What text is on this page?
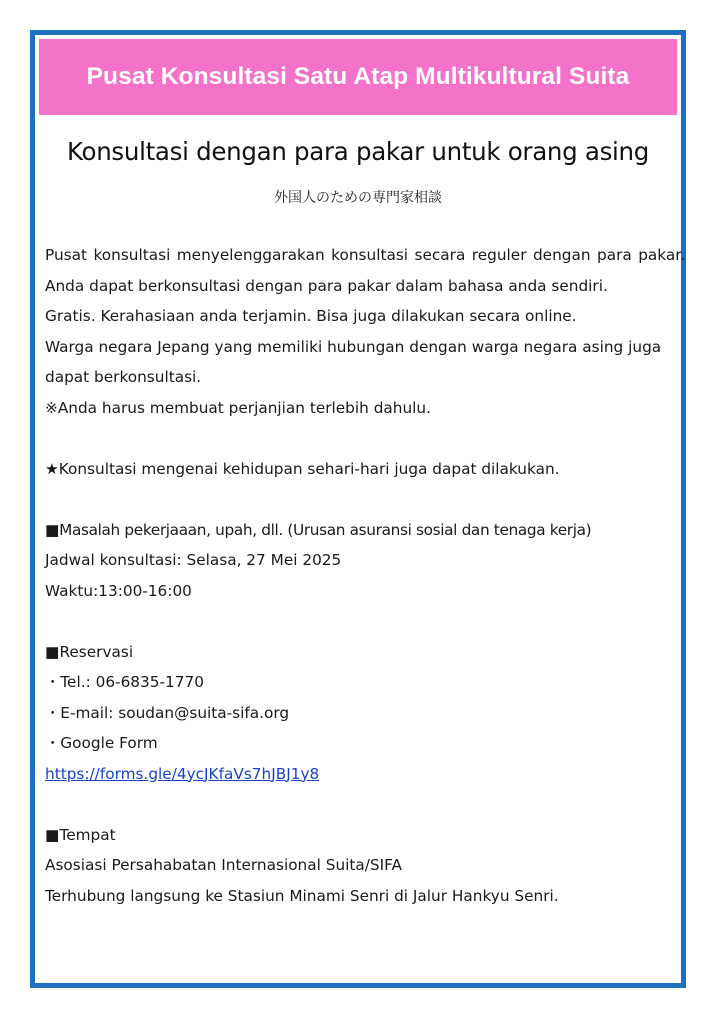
Pusat Konsultasi Satu Atap Multikultural Suita
Konsultasi dengan para pakar untuk orang asing
外国人のための専門家相談

Pusat konsultasi menyelenggarakan konsultasi secara reguler dengan para pakar. Anda dapat berkonsultasi dengan para pakar dalam bahasa anda sendiri.

Gratis. Kerahasiaan anda terjamin. Bisa juga dilakukan secara online.

Warga negara Jepang yang memiliki hubungan dengan warga negara asing juga dapat berkonsultasi.

※Anda harus membuat perjanjian terlebih dahulu.

★Konsultasi mengenai kehidupan sehari-hari juga dapat dilakukan.

■Masalah pekerjaaan, upah, dll. (Urusan asuransi sosial dan tenaga kerja)

Jadwal konsultasi: Selasa, 27 Mei 2025

Waktu:13:00-16:00

■Reservasi

・Tel.: 06-6835-1770

・E-mail: soudan@suita-sifa.org

・Google Form

https://forms.gle/4ycJKfaVs7hJBJ1y8

■Tempat

Asosiasi Persahabatan Internasional Suita/SIFA

Terhubung langsung ke Stasiun Minami Senri di Jalur Hankyu Senri.
